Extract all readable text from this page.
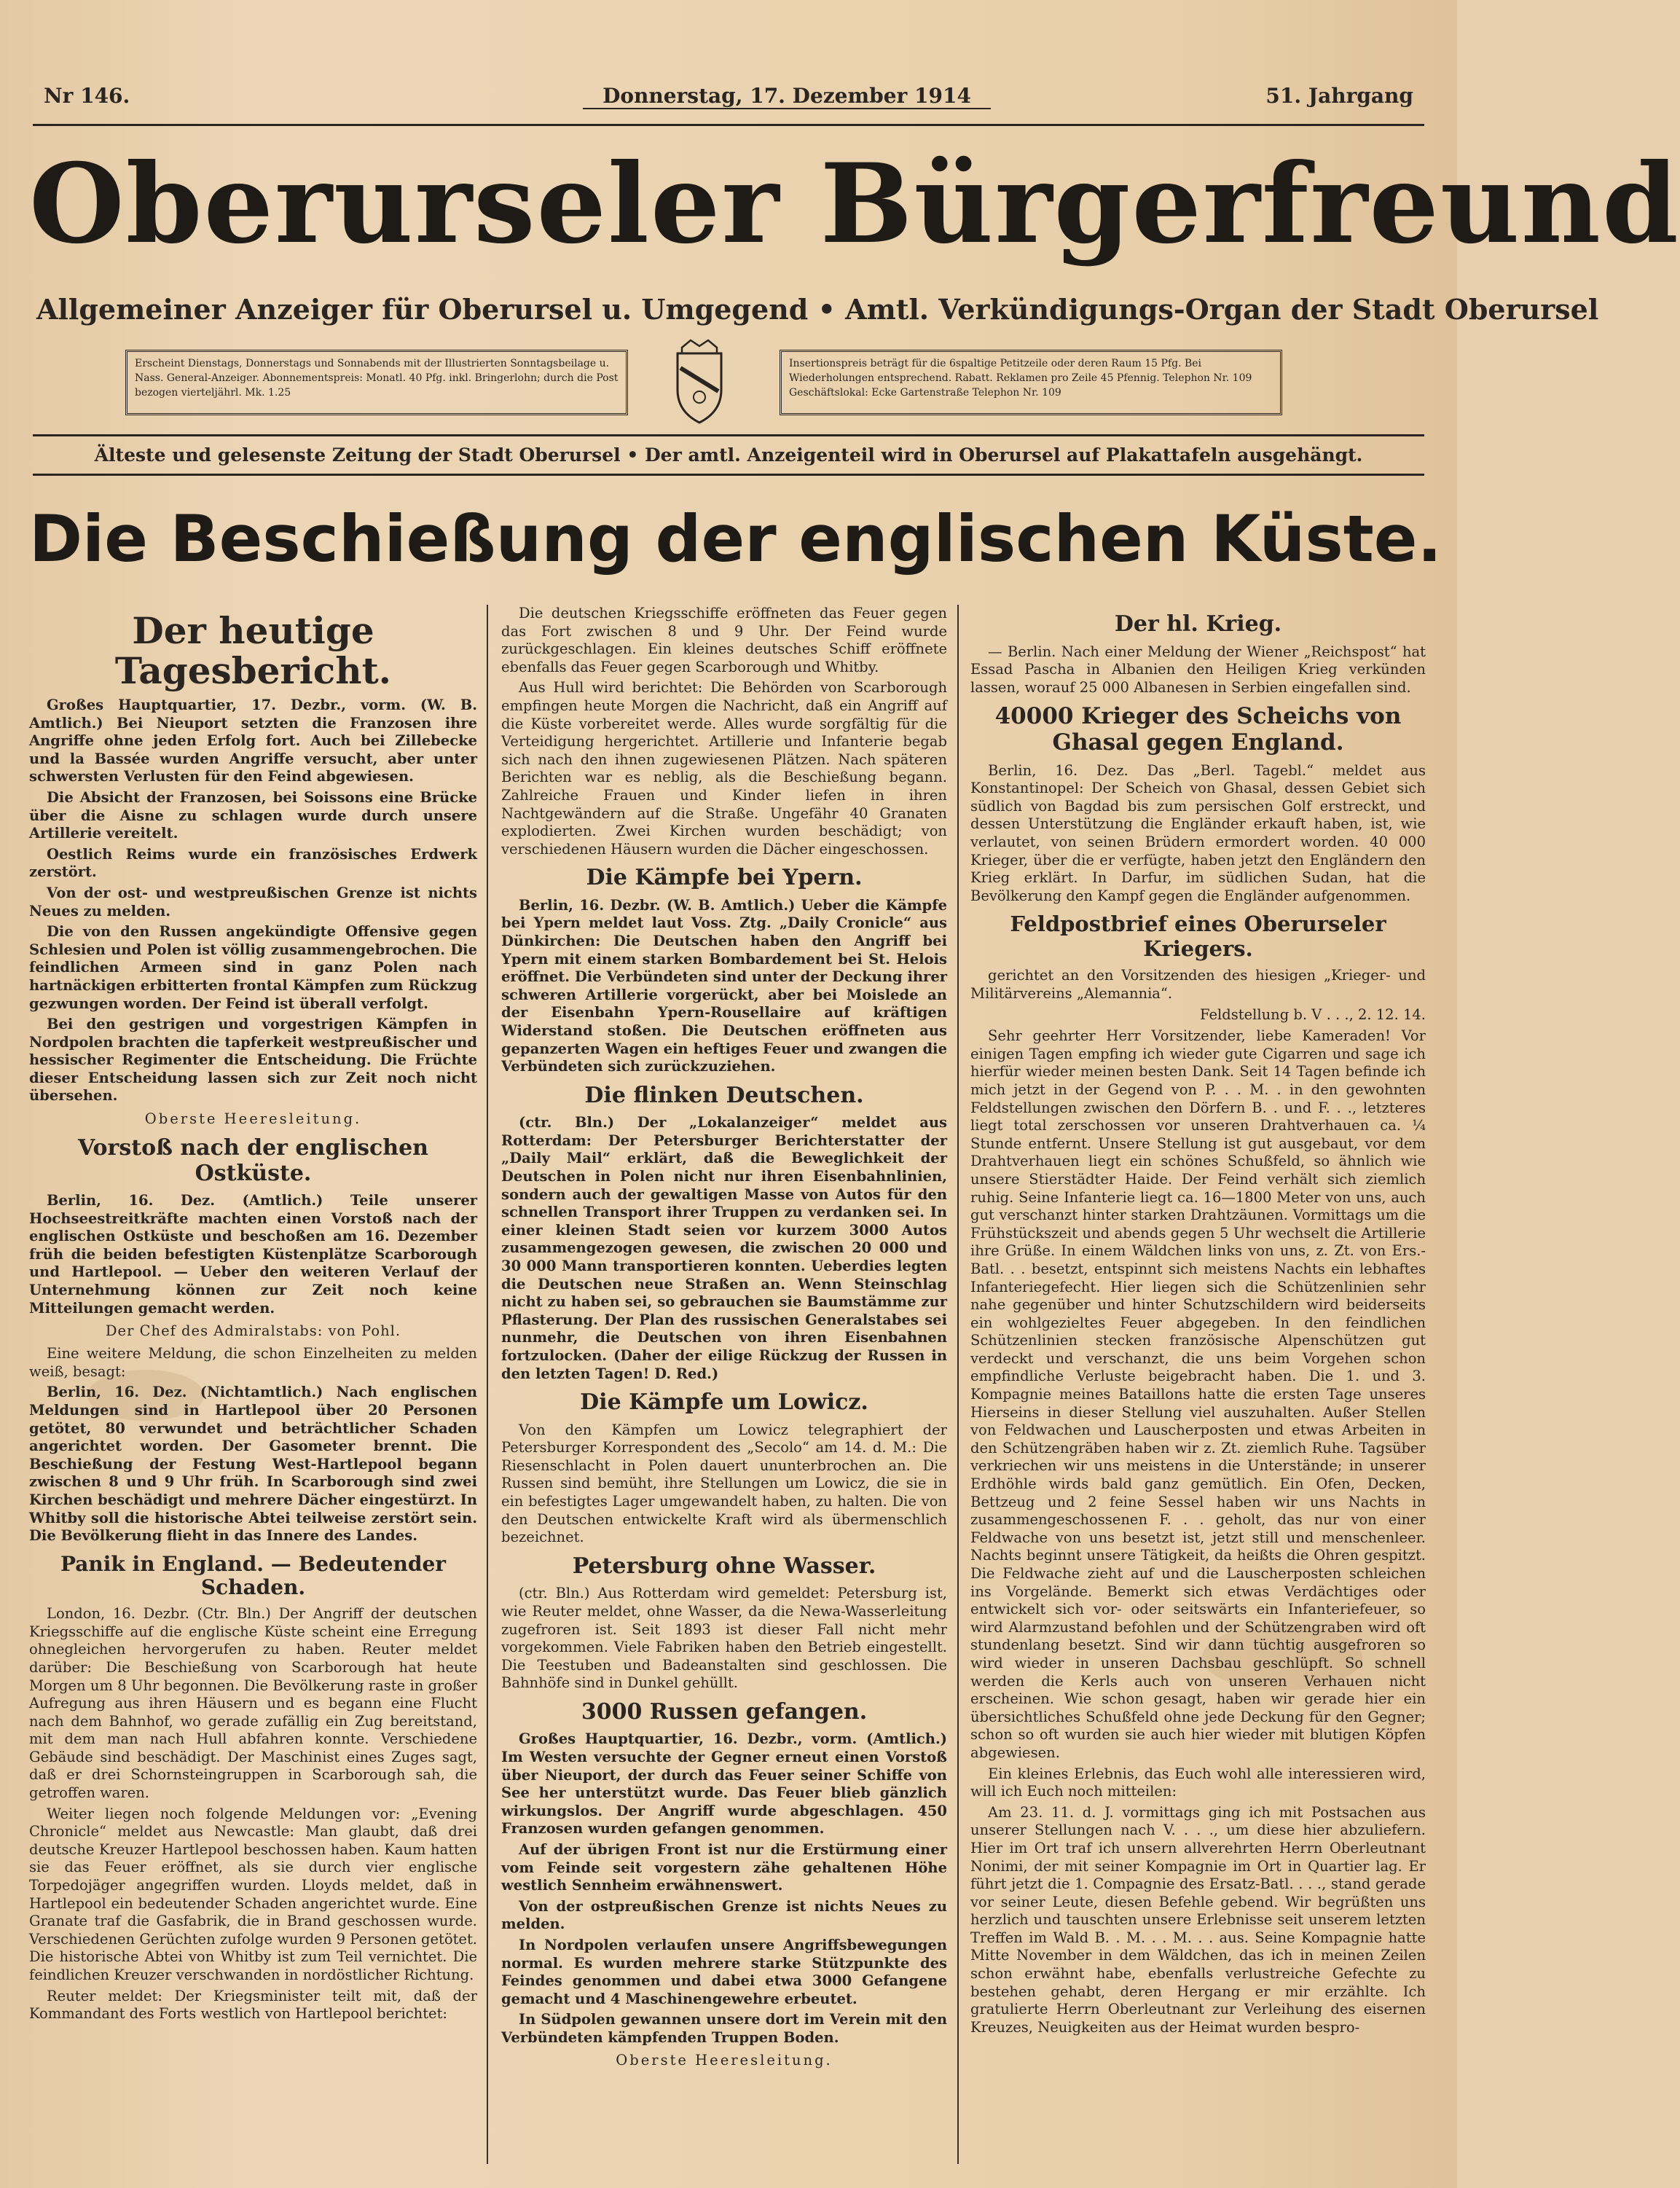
Nr 146.	Donnerstag, 17. Dezember 1914	51. Jahrgang
Oberurseler Bürgerfreund
Allgemeiner Anzeiger für Oberursel u. Umgegend • Amtl. Verkündigungs-Organ der Stadt Oberursel
Erscheint Dienstags, Donnerstags und Sonnabends mit der Illustrierten Sonntagsbeilage u. Nass. General-Anzeiger. Abonnementspreis: Monatl. 40 Pfg. inkl. Bringerlohn; durch die Post bezogen vierteljährl. Mk. 1.25
Insertionspreis beträgt für die 6spaltige Petitzeile oder deren Raum 15 Pfg. Bei Wiederholungen entsprechend. Rabatt. Reklamen pro Zeile 45 Pfennig. Telephon Nr. 109 Geschäftslokal: Ecke Gartenstraße Telephon Nr. 109
Älteste und gelesenste Zeitung der Stadt Oberursel • Der amtl. Anzeigenteil wird in Oberursel auf Plakattafeln ausgehängt.
Die Beschießung der englischen Küste.
Der heutige Tagesbericht.

Großes Hauptquartier, 17. Dezbr., vorm. (W. B. Amtlich.) Bei Nieuport setzten die Franzosen ihre Angriffe ohne jeden Erfolg fort. Auch bei Zillebecke und la Bassée wurden Angriffe versucht, aber unter schwersten Verlusten für den Feind abgewiesen.

Die Absicht der Franzosen, bei Soissons eine Brücke über die Aisne zu schlagen wurde durch unsere Artillerie vereitelt.

Oestlich Reims wurde ein französisches Erdwerk zerstört.

Von der ost- und westpreußischen Grenze ist nichts Neues zu melden.

Die von den Russen angekündigte Offensive gegen Schlesien und Polen ist völlig zusammengebrochen. Die feindlichen Armeen sind in ganz Polen nach hartnäckigen erbitterten frontal Kämpfen zum Rückzug gezwungen worden. Der Feind ist überall verfolgt.

Bei den gestrigen und vorgestrigen Kämpfen in Nordpolen brachten die tapferkeit westpreußischer und hessischer Regimenter die Entscheidung. Die Früchte dieser Entscheidung lassen sich zur Zeit noch nicht übersehen.

Oberste Heeresleitung.
Vorstoß nach der englischen Ostküste.

Berlin, 16. Dez. (Amtlich.) Teile unserer Hochseestreitkräfte machten einen Vorstoß nach der englischen Ostküste und beschoßen am 16. Dezember früh die beiden befestigten Küstenplätze Scarborough und Hartlepool. — Ueber den weiteren Verlauf der Unternehmung können zur Zeit noch keine Mitteilungen gemacht werden.

Der Chef des Admiralstabs: von Pohl.

Eine weitere Meldung, die schon Einzelheiten zu melden weiß, besagt:

Berlin, 16. Dez. (Nichtamtlich.) Nach englischen Meldungen sind in Hartlepool über 20 Personen getötet, 80 verwundet und beträchtlicher Schaden angerichtet worden. Der Gasometer brennt. Die Beschießung der Festung West-Hartlepool begann zwischen 8 und 9 Uhr früh. In Scarborough sind zwei Kirchen beschädigt und mehrere Dächer eingestürzt. In Whitby soll die historische Abtei teilweise zerstört sein. Die Bevölkerung flieht in das Innere des Landes.

Panik in England. — Bedeutender Schaden.

London, 16. Dezbr. (Ctr. Bln.) Der Angriff der deutschen Kriegsschiffe auf die englische Küste scheint eine Erregung ohnegleichen hervorgerufen zu haben. Reuter meldet darüber: Die Beschießung von Scarborough hat heute Morgen um 8 Uhr begonnen. Die Bevölkerung raste in großer Aufregung aus ihren Häusern und es begann eine Flucht nach dem Bahnhof, wo gerade zufällig ein Zug bereitstand, mit dem man nach Hull abfahren konnte. Verschiedene Gebäude sind beschädigt. Der Maschinist eines Zuges sagt, daß er drei Schornsteingruppen in Scarborough sah, die getroffen waren.

Weiter liegen noch folgende Meldungen vor: „Evening Chronicle“ meldet aus Newcastle: Man glaubt, daß drei deutsche Kreuzer Hartlepool beschossen haben. Kaum hatten sie das Feuer eröffnet, als sie durch vier englische Torpedojäger angegriffen wurden. Lloyds meldet, daß in Hartlepool ein bedeutender Schaden angerichtet wurde. Eine Granate traf die Gasfabrik, die in Brand geschossen wurde. Verschiedenen Gerüchten zufolge wurden 9 Personen getötet. Die historische Abtei von Whitby ist zum Teil vernichtet. Die feindlichen Kreuzer verschwanden in nordöstlicher Richtung.

Reuter meldet: Der Kriegsminister teilt mit, daß der Kommandant des Forts westlich von Hartlepool berichtet:

Die deutschen Kriegsschiffe eröffneten das Feuer gegen das Fort zwischen 8 und 9 Uhr. Der Feind wurde zurückgeschlagen. Ein kleines deutsches Schiff eröffnete ebenfalls das Feuer gegen Scarborough und Whitby.

Aus Hull wird berichtet: Die Behörden von Scarborough empfingen heute Morgen die Nachricht, daß ein Angriff auf die Küste vorbereitet werde. Alles wurde sorgfältig für die Verteidigung hergerichtet. Artillerie und Infanterie begab sich nach den ihnen zugewiesenen Plätzen. Nach späteren Berichten war es neblig, als die Beschießung begann. Zahlreiche Frauen und Kinder liefen in ihren Nachtgewändern auf die Straße. Ungefähr 40 Granaten explodierten. Zwei Kirchen wurden beschädigt; von verschiedenen Häusern wurden die Dächer eingeschossen.

Die Kämpfe bei Ypern.

Berlin, 16. Dezbr. (W. B. Amtlich.) Ueber die Kämpfe bei Ypern meldet laut Voss. Ztg. „Daily Cronicle“ aus Dünkirchen: Die Deutschen haben den Angriff bei Ypern mit einem starken Bombardement bei St. Helois eröffnet. Die Verbündeten sind unter der Deckung ihrer schweren Artillerie vorgerückt, aber bei Moislede an der Eisenbahn Ypern-Rousellaire auf kräftigen Widerstand stoßen. Die Deutschen eröffneten aus gepanzerten Wagen ein heftiges Feuer und zwangen die Verbündeten sich zurückzuziehen.

Die flinken Deutschen.

(ctr. Bln.) Der „Lokalanzeiger“ meldet aus Rotterdam: Der Petersburger Berichterstatter der „Daily Mail“ erklärt, daß die Beweglichkeit der Deutschen in Polen nicht nur ihren Eisenbahnlinien, sondern auch der gewaltigen Masse von Autos für den schnellen Transport ihrer Truppen zu verdanken sei. In einer kleinen Stadt seien vor kurzem 3000 Autos zusammengezogen gewesen, die zwischen 20 000 und 30 000 Mann transportieren konnten. Ueberdies legten die Deutschen neue Straßen an. Wenn Steinschlag nicht zu haben sei, so gebrauchen sie Baumstämme zur Pflasterung. Der Plan des russischen Generalstabes sei nunmehr, die Deutschen von ihren Eisenbahnen fortzulocken. (Daher der eilige Rückzug der Russen in den letzten Tagen! D. Red.)

Die Kämpfe um Lowicz.

Von den Kämpfen um Lowicz telegraphiert der Petersburger Korrespondent des „Secolo“ am 14. d. M.: Die Riesenschlacht in Polen dauert ununterbrochen an. Die Russen sind bemüht, ihre Stellungen um Lowicz, die sie in ein befestigtes Lager umgewandelt haben, zu halten. Die von den Deutschen entwickelte Kraft wird als übermenschlich bezeichnet.

Petersburg ohne Wasser.

(ctr. Bln.) Aus Rotterdam wird gemeldet: Petersburg ist, wie Reuter meldet, ohne Wasser, da die Newa-Wasserleitung zugefroren ist. Seit 1893 ist dieser Fall nicht mehr vorgekommen. Viele Fabriken haben den Betrieb eingestellt. Die Teestuben und Badeanstalten sind geschlossen. Die Bahnhöfe sind in Dunkel gehüllt.

3000 Russen gefangen.

Großes Hauptquartier, 16. Dezbr., vorm. (Amtlich.) Im Westen versuchte der Gegner erneut einen Vorstoß über Nieuport, der durch das Feuer seiner Schiffe von See her unterstützt wurde. Das Feuer blieb gänzlich wirkungslos. Der Angriff wurde abgeschlagen. 450 Franzosen wurden gefangen genommen.

Auf der übrigen Front ist nur die Erstürmung einer vom Feinde seit vorgestern zähe gehaltenen Höhe westlich Sennheim erwähnenswert.

Von der ostpreußischen Grenze ist nichts Neues zu melden.

In Nordpolen verlaufen unsere Angriffsbewegungen normal. Es wurden mehrere starke Stützpunkte des Feindes genommen und dabei etwa 3000 Gefangene gemacht und 4 Maschinengewehre erbeutet.

In Südpolen gewannen unsere dort im Verein mit den Verbündeten kämpfenden Truppen Boden.

Oberste Heeresleitung.
Der hl. Krieg.

— Berlin. Nach einer Meldung der Wiener „Reichspost“ hat Essad Pascha in Albanien den Heiligen Krieg verkünden lassen, worauf 25 000 Albanesen in Serbien eingefallen sind.

40000 Krieger des Scheichs von Ghasal gegen England.

Berlin, 16. Dez. Das „Berl. Tagebl.“ meldet aus Konstantinopel: Der Scheich von Ghasal, dessen Gebiet sich südlich von Bagdad bis zum persischen Golf erstreckt, und dessen Unterstützung die Engländer erkauft haben, ist, wie verlautet, von seinen Brüdern ermordert worden. 40 000 Krieger, über die er verfügte, haben jetzt den Engländern den Krieg erklärt. In Darfur, im südlichen Sudan, hat die Bevölkerung den Kampf gegen die Engländer aufgenommen.

Feldpostbrief eines Oberurseler Kriegers.

gerichtet an den Vorsitzenden des hiesigen „Krieger- und Militärvereins „Alemannia“.

Feldstellung b. V . . ., 2. 12. 14.

Sehr geehrter Herr Vorsitzender, liebe Kameraden! Vor einigen Tagen empfing ich wieder gute Cigarren und sage ich hierfür wieder meinen besten Dank. Seit 14 Tagen befinde ich mich jetzt in der Gegend von P. . . M. . in den gewohnten Feldstellungen zwischen den Dörfern B. . und F. . ., letzteres liegt total zerschossen vor unseren Drahtverhauen ca. ¼ Stunde entfernt. Unsere Stellung ist gut ausgebaut, vor dem Drahtverhauen liegt ein schönes Schußfeld, so ähnlich wie unsere Stierstädter Haide. Der Feind verhält sich ziemlich ruhig. Seine Infanterie liegt ca. 16—1800 Meter von uns, auch gut verschanzt hinter starken Drahtzäunen. Vormittags um die Frühstückszeit und abends gegen 5 Uhr wechselt die Artillerie ihre Grüße. In einem Wäldchen links von uns, z. Zt. von Ers.-Batl. . . besetzt, entspinnt sich meistens Nachts ein lebhaftes Infanteriegefecht. Hier liegen sich die Schützenlinien sehr nahe gegenüber und hinter Schutzschildern wird beiderseits ein wohlgezieltes Feuer abgegeben. In den feindlichen Schützenlinien stecken französische Alpenschützen gut verdeckt und verschanzt, die uns beim Vorgehen schon empfindliche Verluste beigebracht haben. Die 1. und 3. Kompagnie meines Bataillons hatte die ersten Tage unseres Hierseins in dieser Stellung viel auszuhalten. Außer Stellen von Feldwachen und Lauscherposten und etwas Arbeiten in den Schützengräben haben wir z. Zt. ziemlich Ruhe. Tagsüber verkriechen wir uns meistens in die Unterstände; in unserer Erdhöhle wirds bald ganz gemütlich. Ein Ofen, Decken, Bettzeug und 2 feine Sessel haben wir uns Nachts in zusammengeschossenen F. . . geholt, das nur von einer Feldwache von uns besetzt ist, jetzt still und menschenleer. Nachts beginnt unsere Tätigkeit, da heißts die Ohren gespitzt. Die Feldwache zieht auf und die Lauscherposten schleichen ins Vorgelände. Bemerkt sich etwas Verdächtiges oder entwickelt sich vor- oder seitswärts ein Infanteriefeuer, so wird Alarmzustand befohlen und der Schützengraben wird oft stundenlang besetzt. Sind wir dann tüchtig ausgefroren so wird wieder in unseren Dachsbau geschlüpft. So schnell werden die Kerls auch von unseren Verhauen nicht erscheinen. Wie schon gesagt, haben wir gerade hier ein übersichtliches Schußfeld ohne jede Deckung für den Gegner; schon so oft wurden sie auch hier wieder mit blutigen Köpfen abgewiesen.

Ein kleines Erlebnis, das Euch wohl alle interessieren wird, will ich Euch noch mitteilen:

Am 23. 11. d. J. vormittags ging ich mit Postsachen aus unserer Stellungen nach V. . . ., um diese hier abzuliefern. Hier im Ort traf ich unsern allverehrten Herrn Oberleutnant Nonimi, der mit seiner Kompagnie im Ort in Quartier lag. Er führt jetzt die 1. Compagnie des Ersatz-Batl. . . ., stand gerade vor seiner Leute, diesen Befehle gebend. Wir begrüßten uns herzlich und tauschten unsere Erlebnisse seit unserem letzten Treffen im Wald B. . M. . . M. . . aus. Seine Kompagnie hatte Mitte November in dem Wäldchen, das ich in meinen Zeilen schon erwähnt habe, ebenfalls verlustreiche Gefechte zu bestehen gehabt, deren Hergang er mir erzählte. Ich gratulierte Herrn Oberleutnant zur Verleihung des eisernen Kreuzes, Neuigkeiten aus der Heimat wurden bespro-
